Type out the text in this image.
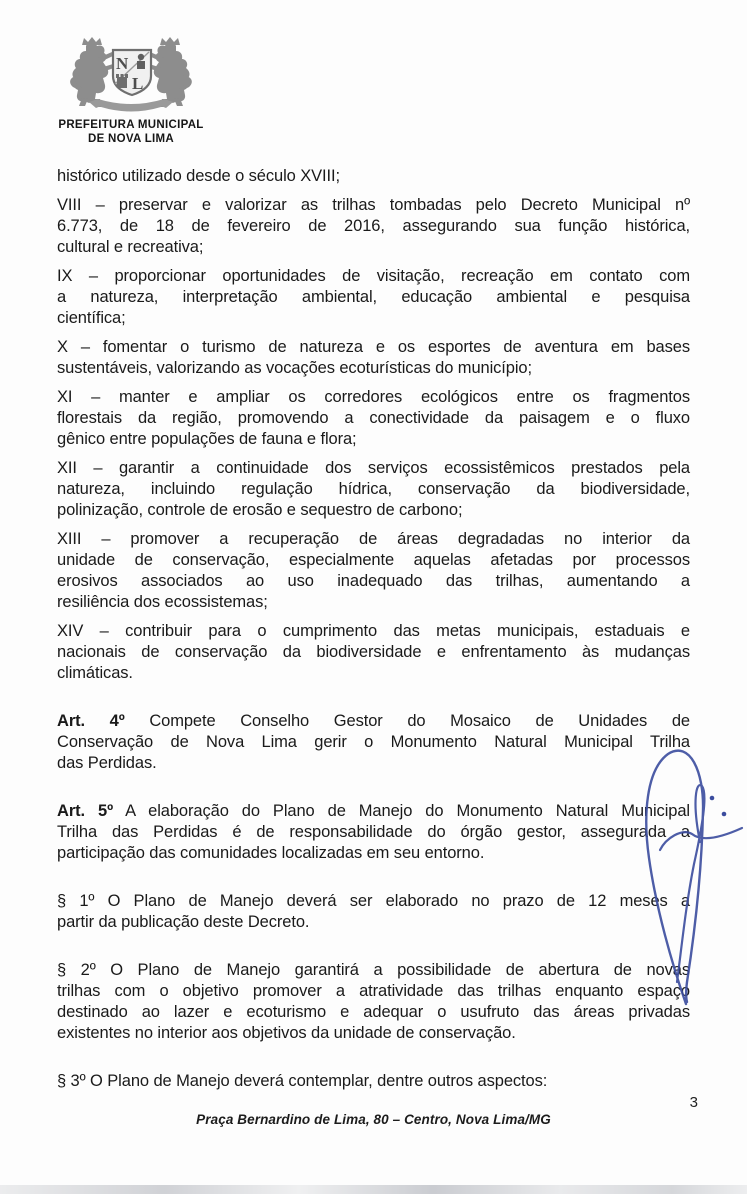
N
L
PREFEITURA MUNICIPAL
DE NOVA LIMA
histórico utilizado desde o século XVIII;
VIII – preservar e valorizar as trilhas tombadas pelo Decreto Municipal nº
6.773, de 18 de fevereiro de 2016, assegurando sua função histórica,
cultural e recreativa;
IX – proporcionar oportunidades de visitação, recreação em contato com
a natureza, interpretação ambiental, educação ambiental e pesquisa
científica;
X – fomentar o turismo de natureza e os esportes de aventura em bases
sustentáveis, valorizando as vocações ecoturísticas do município;
XI – manter e ampliar os corredores ecológicos entre os fragmentos
florestais da região, promovendo a conectividade da paisagem e o fluxo
gênico entre populações de fauna e flora;
XII – garantir a continuidade dos serviços ecossistêmicos prestados pela
natureza, incluindo regulação hídrica, conservação da biodiversidade,
polinização, controle de erosão e sequestro de carbono;
XIII – promover a recuperação de áreas degradadas no interior da
unidade de conservação, especialmente aquelas afetadas por processos
erosivos associados ao uso inadequado das trilhas, aumentando a
resiliência dos ecossistemas;
XIV – contribuir para o cumprimento das metas municipais, estaduais e
nacionais de conservação da biodiversidade e enfrentamento às mudanças
climáticas.
Art. 4º Compete Conselho Gestor do Mosaico de Unidades de
Conservação de Nova Lima gerir o Monumento Natural Municipal Trilha
das Perdidas.
Art. 5º A elaboração do Plano de Manejo do Monumento Natural Municipal
Trilha das Perdidas é de responsabilidade do órgão gestor, assegurada a
participação das comunidades localizadas em seu entorno.
§ 1º O Plano de Manejo deverá ser elaborado no prazo de 12 meses a
partir da publicação deste Decreto.
§ 2º O Plano de Manejo garantirá a possibilidade de abertura de novas
trilhas com o objetivo promover a atratividade das trilhas enquanto espaço
destinado ao lazer e ecoturismo e adequar o usufruto das áreas privadas
existentes no interior aos objetivos da unidade de conservação.
§ 3º O Plano de Manejo deverá contemplar, dentre outros aspectos:
3
Praça Bernardino de Lima, 80 – Centro, Nova Lima/MG
